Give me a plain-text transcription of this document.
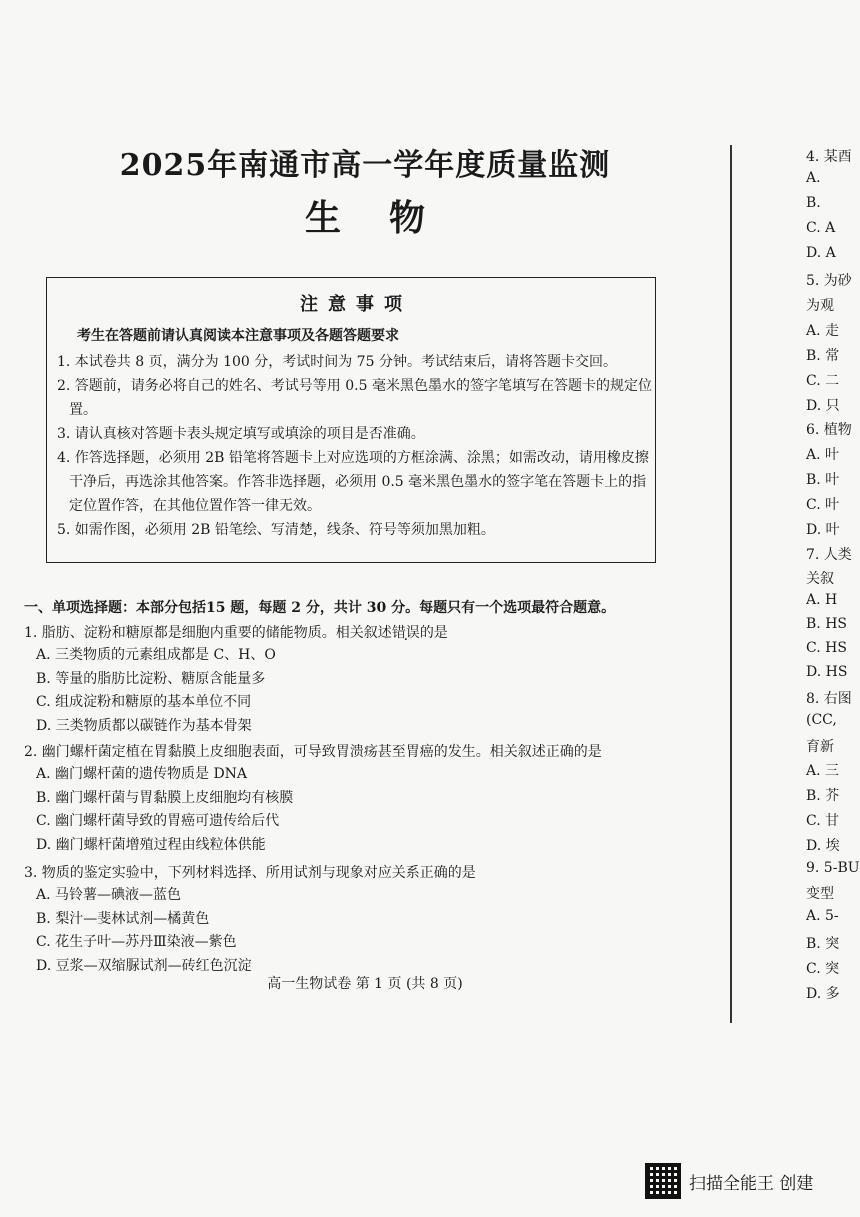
2025年南通市高一学年度质量监测
生物
注意事项
考生在答题前请认真阅读本注意事项及各题答题要求
1. 本试卷共 8 页，满分为 100 分，考试时间为 75 分钟。考试结束后，请将答题卡交回。
2. 答题前，请务必将自己的姓名、考试号等用 0.5 毫米黑色墨水的签字笔填写在答题卡的规定位置。
3. 请认真核对答题卡表头规定填写或填涂的项目是否准确。
4. 作答选择题，必须用 2B 铅笔将答题卡上对应选项的方框涂满、涂黑；如需改动，请用橡皮擦干净后，再选涂其他答案。作答非选择题，必须用 0.5 毫米黑色墨水的签字笔在答题卡上的指定位置作答，在其他位置作答一律无效。
5. 如需作图，必须用 2B 铅笔绘、写清楚，线条、符号等须加黑加粗。
一、单项选择题：本部分包括15 题，每题 2 分，共计 30 分。每题只有一个选项最符合题意。
1. 脂肪、淀粉和糖原都是细胞内重要的储能物质。相关叙述错误的是
A. 三类物质的元素组成都是 C、H、O
B. 等量的脂肪比淀粉、糖原含能量多
C. 组成淀粉和糖原的基本单位不同
D. 三类物质都以碳链作为基本骨架
2. 幽门螺杆菌定植在胃黏膜上皮细胞表面，可导致胃溃疡甚至胃癌的发生。相关叙述正确的是
A. 幽门螺杆菌的遗传物质是 DNA
B. 幽门螺杆菌与胃黏膜上皮细胞均有核膜
C. 幽门螺杆菌导致的胃癌可遗传给后代
D. 幽门螺杆菌增殖过程由线粒体供能
3. 物质的鉴定实验中，下列材料选择、所用试剂与现象对应关系正确的是
A. 马铃薯—碘液—蓝色
B. 梨汁—斐林试剂—橘黄色
C. 花生子叶—苏丹Ⅲ染液—紫色
D. 豆浆—双缩脲试剂—砖红色沉淀
高一生物试卷 第 1 页 (共 8 页)
4. 某酉
A.
B.
C. A
D. A
5. 为砂
为观
A. 走
B. 常
C. 二
D. 只
6. 植物
A. 叶
B. 叶
C. 叶
D. 叶
7. 人类
关叙
A. H
B. HS
C. HS
D. HS
8. 右图
(CC,
育新
A. 三
B. 芥
C. 甘
D. 埃
9. 5-BU
变型
A. 5-
B. 突
C. 突
D. 多
扫描全能王 创建
